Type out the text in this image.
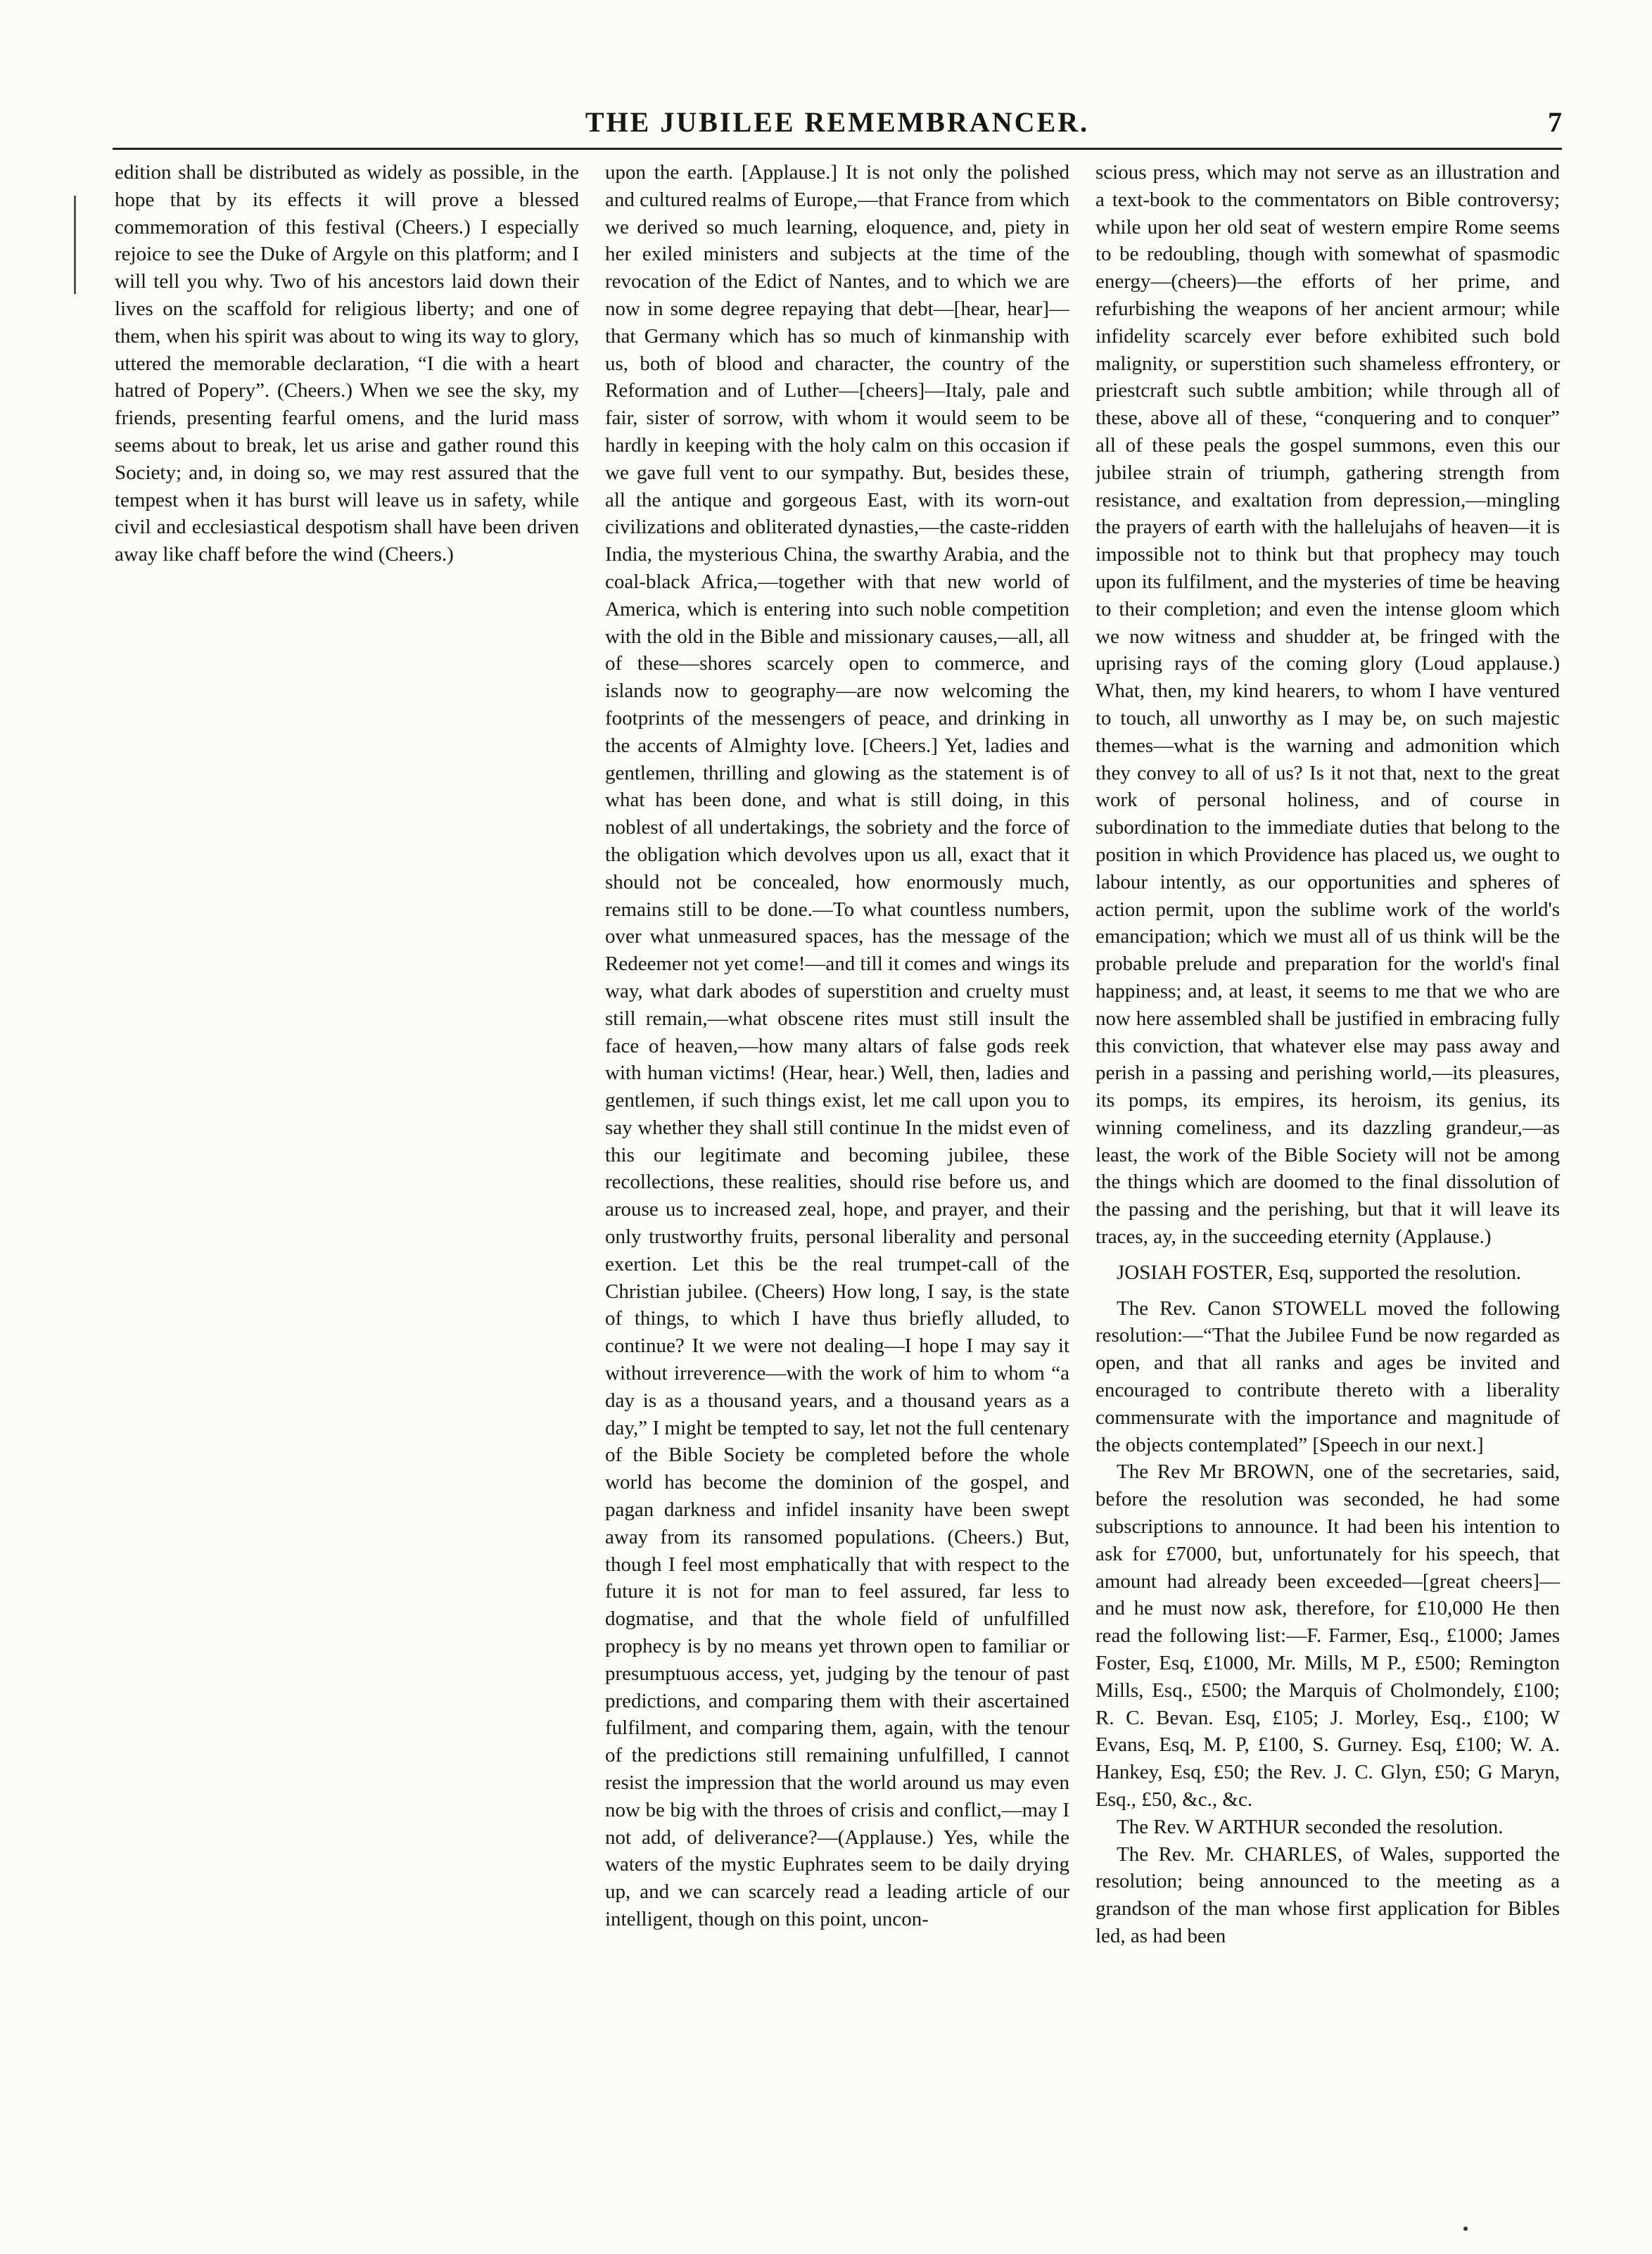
THE JUBILEE REMEMBRANCER.	7

edition shall be distributed as widely as possible, in the hope that by its effects it will prove a blessed commemoration of this festival (Cheers.) I especially rejoice to see the Duke of Argyle on this platform; and I will tell you why. Two of his ancestors laid down their lives on the scaffold for religious liberty; and one of them, when his spirit was about to wing its way to glory, uttered the memorable declaration, “I die with a heart hatred of Popery”. (Cheers.) When we see the sky, my friends, presenting fearful omens, and the lurid mass seems about to break, let us arise and gather round this Society; and, in doing so, we may rest assured that the tempest when it has burst will leave us in safety, while civil and ecclesiastical despotism shall have been driven away like chaff before the wind (Cheers.)

upon the earth. [Applause.] It is not only the polished and cultured realms of Europe,—that France from which we derived so much learning, eloquence, and, piety in her exiled ministers and subjects at the time of the revocation of the Edict of Nantes, and to which we are now in some degree repaying that debt—[hear, hear]—that Germany which has so much of kinmanship with us, both of blood and character, the country of the Reformation and of Luther—[cheers]—Italy, pale and fair, sister of sorrow, with whom it would seem to be hardly in keeping with the holy calm on this occasion if we gave full vent to our sympathy. But, besides these, all the antique and gorgeous East, with its worn-out civilizations and obliterated dynasties,—the caste-ridden India, the mysterious China, the swarthy Arabia, and the coal-black Africa,—together with that new world of America, which is entering into such noble competition with the old in the Bible and missionary causes,—all, all of these—shores scarcely open to commerce, and islands now to geography—are now welcoming the footprints of the messengers of peace, and drinking in the accents of Almighty love. [Cheers.] Yet, ladies and gentlemen, thrilling and glowing as the statement is of what has been done, and what is still doing, in this noblest of all undertakings, the sobriety and the force of the obligation which devolves upon us all, exact that it should not be concealed, how enormously much, remains still to be done.—To what countless numbers, over what unmeasured spaces, has the message of the Redeemer not yet come!—and till it comes and wings its way, what dark abodes of superstition and cruelty must still remain,—what obscene rites must still insult the face of heaven,—how many altars of false gods reek with human victims! (Hear, hear.) Well, then, ladies and gentlemen, if such things exist, let me call upon you to say whether they shall still continue In the midst even of this our legitimate and becoming jubilee, these recollections, these realities, should rise before us, and arouse us to increased zeal, hope, and prayer, and their only trustworthy fruits, personal liberality and personal exertion. Let this be the real trumpet-call of the Christian jubilee. (Cheers) How long, I say, is the state of things, to which I have thus briefly alluded, to continue? It we were not dealing—I hope I may say it without irreverence—with the work of him to whom “a day is as a thousand years, and a thousand years as a day,” I might be tempted to say, let not the full centenary of the Bible Society be completed before the whole world has become the dominion of the gospel, and pagan darkness and infidel insanity have been swept away from its ransomed populations. (Cheers.) But, though I feel most emphatically that with respect to the future it is not for man to feel assured, far less to dogmatise, and that the whole field of unfulfilled prophecy is by no means yet thrown open to familiar or presumptuous access, yet, judging by the tenour of past predictions, and comparing them with their ascertained fulfilment, and comparing them, again, with the tenour of the predictions still remaining unfulfilled, I cannot resist the impression that the world around us may even now be big with the throes of crisis and conflict,—may I not add, of deliverance?—(Applause.) Yes, while the waters of the mystic Euphrates seem to be daily drying up, and we can scarcely read a leading article of our intelligent, though on this point, uncon-

scious press, which may not serve as an illustration and a text-book to the commentators on Bible controversy; while upon her old seat of western empire Rome seems to be redoubling, though with somewhat of spasmodic energy—(cheers)—the efforts of her prime, and refurbishing the weapons of her ancient armour; while infidelity scarcely ever before exhibited such bold malignity, or superstition such shameless effrontery, or priestcraft such subtle ambition; while through all of these, above all of these, “conquering and to conquer” all of these peals the gospel summons, even this our jubilee strain of triumph, gathering strength from resistance, and exaltation from depression,—mingling the prayers of earth with the hallelujahs of heaven—it is impossible not to think but that prophecy may touch upon its fulfilment, and the mysteries of time be heaving to their completion; and even the intense gloom which we now witness and shudder at, be fringed with the uprising rays of the coming glory (Loud applause.) What, then, my kind hearers, to whom I have ventured to touch, all unworthy as I may be, on such majestic themes—what is the warning and admonition which they convey to all of us? Is it not that, next to the great work of personal holiness, and of course in subordination to the immediate duties that belong to the position in which Providence has placed us, we ought to labour intently, as our opportunities and spheres of action permit, upon the sublime work of the world's emancipation; which we must all of us think will be the probable prelude and preparation for the world's final happiness; and, at least, it seems to me that we who are now here assembled shall be justified in embracing fully this conviction, that whatever else may pass away and perish in a passing and perishing world,—its pleasures, its pomps, its empires, its heroism, its genius, its winning comeliness, and its dazzling grandeur,—as least, the work of the Bible Society will not be among the things which are doomed to the final dissolution of the passing and the perishing, but that it will leave its traces, ay, in the succeeding eternity (Applause.)

JOSIAH FOSTER, Esq, supported the resolution.

The Rev. Canon STOWELL moved the following resolution:—“That the Jubilee Fund be now regarded as open, and that all ranks and ages be invited and encouraged to contribute thereto with a liberality commensurate with the importance and magnitude of the objects contemplated” [Speech in our next.]

The Rev Mr BROWN, one of the secretaries, said, before the resolution was seconded, he had some subscriptions to announce. It had been his intention to ask for £7000, but, unfortunately for his speech, that amount had already been exceeded—[great cheers]—and he must now ask, therefore, for £10,000 He then read the following list:—F. Farmer, Esq., £1000; James Foster, Esq, £1000, Mr. Mills, M P., £500; Remington Mills, Esq., £500; the Marquis of Cholmondely, £100; R. C. Bevan. Esq, £105; J. Morley, Esq., £100; W Evans, Esq, M. P, £100, S. Gurney. Esq, £100; W. A. Hankey, Esq, £50; the Rev. J. C. Glyn, £50; G Maryn, Esq., £50, &c., &c.

The Rev. W ARTHUR seconded the resolution.

The Rev. Mr. CHARLES, of Wales, supported the resolution; being announced to the meeting as a grandson of the man whose first application for Bibles led, as had been
